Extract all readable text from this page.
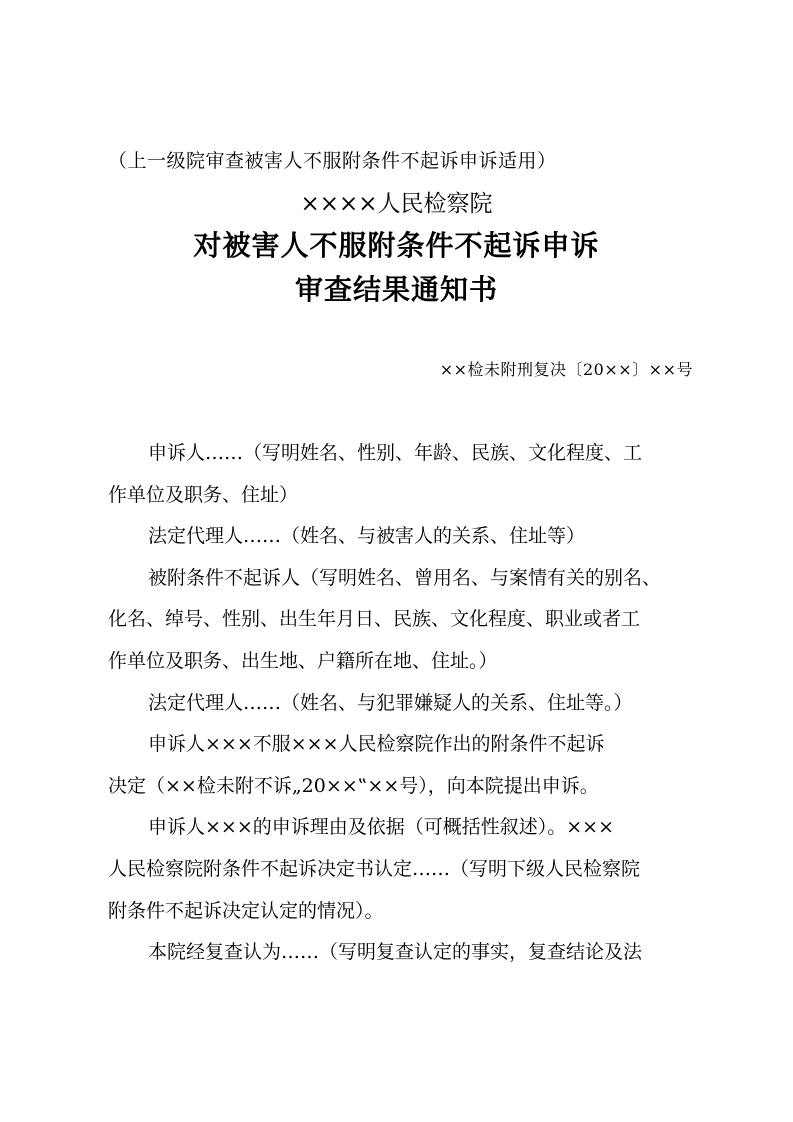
（上一级院审查被害人不服附条件不起诉申诉适用）
××××人民检察院
对被害人不服附条件不起诉申诉
审查结果通知书
××检未附刑复决〔20××〕××号
申诉人……（写明姓名、性别、年龄、民族、文化程度、工
作单位及职务、住址）
法定代理人……（姓名、与被害人的关系、住址等）
被附条件不起诉人（写明姓名、曾用名、与案情有关的别名、
化名、绰号、性别、出生年月日、民族、文化程度、职业或者工
作单位及职务、出生地、户籍所在地、住址。）
法定代理人……（姓名、与犯罪嫌疑人的关系、住址等。）
申诉人×××不服×××人民检察院作出的附条件不起诉
决定（××检未附不诉„20××‟××号），向本院提出申诉。
申诉人×××的申诉理由及依据（可概括性叙述）。×××
人民检察院附条件不起诉决定书认定……（写明下级人民检察院
附条件不起诉决定认定的情况）。
本院经复查认为……（写明复查认定的事实，复查结论及法
